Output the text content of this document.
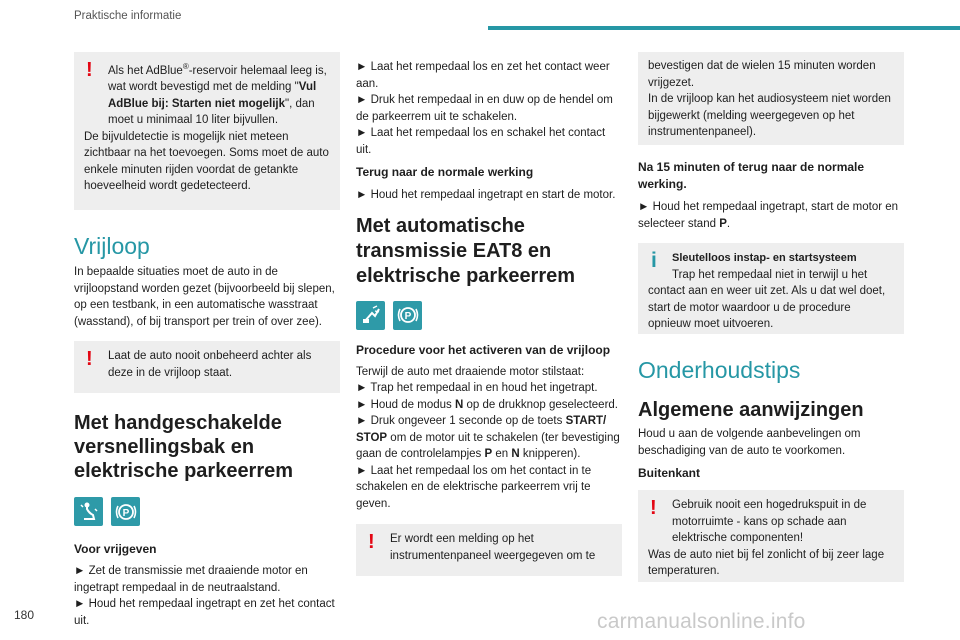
Praktische informatie
!	Als het AdBlue®-reservoir helemaal leeg is, wat wordt bevestigd met de melding "Vul AdBlue bij: Starten niet mogelijk", dan moet u minimaal 10 liter bijvullen.

De bijvuldetectie is mogelijk niet meteen zichtbaar na het toevoegen. Soms moet de auto enkele minuten rijden voordat de getankte hoeveelheid wordt gedetecteerd.

Vrijloop

In bepaalde situaties moet de auto in de vrijloopstand worden gezet (bijvoorbeeld bij slepen, op een testbank, in een automatische wasstraat (wasstand), of bij transport per trein of over zee).

!	Laat de auto nooit onbeheerd achter als deze in de vrijloop staat.

Met handgeschakelde versnellingsbak en elektrische parkeerrem
P

Voor vrijgeven

► Zet de transmissie met draaiende motor en ingetrapt rempedaal in de neutraalstand.

► Houd het rempedaal ingetrapt en zet het contact uit.

► Laat het rempedaal los en zet het contact weer aan.

► Druk het rempedaal in en duw op de hendel om de parkeerrem uit te schakelen.

► Laat het rempedaal los en schakel het contact uit.

Terug naar de normale werking

► Houd het rempedaal ingetrapt en start de motor.

Met automatische transmissie EAT8 en elektrische parkeerrem
P

Procedure voor het activeren van de vrijloop

Terwijl de auto met draaiende motor stilstaat:

► Trap het rempedaal in en houd het ingetrapt.

► Houd de modus N op de drukknop geselecteerd.

► Druk ongeveer 1 seconde op de toets START/ STOP om de motor uit te schakelen (ter bevestiging gaan de controlelampjes P en N knipperen).

► Laat het rempedaal los om het contact in te schakelen en de elektrische parkeerrem vrij te geven.

!	Er wordt een melding op het instrumentenpaneel weergegeven om te

bevestigen dat de wielen 15 minuten worden vrijgezet.

In de vrijloop kan het audiosysteem niet worden bijgewerkt (melding weergegeven op het instrumentenpaneel).

Na 15 minuten of terug naar de normale werking.

► Houd het rempedaal ingetrapt, start de motor en selecteer stand P.

i	Sleutelloos instap- en startsysteem

Trap het rempedaal niet in terwijl u het contact aan en weer uit zet. Als u dat wel doet, start de motor waardoor u de procedure opnieuw moet uitvoeren.

Onderhoudstips
Algemene aanwijzingen

Houd u aan de volgende aanbevelingen om beschadiging van de auto te voorkomen.

Buitenkant

!	Gebruik nooit een hogedrukspuit in de motorruimte - kans op schade aan elektrische componenten!

Was de auto niet bij fel zonlicht of bij zeer lage temperaturen.

180	carmanualsonline.info
